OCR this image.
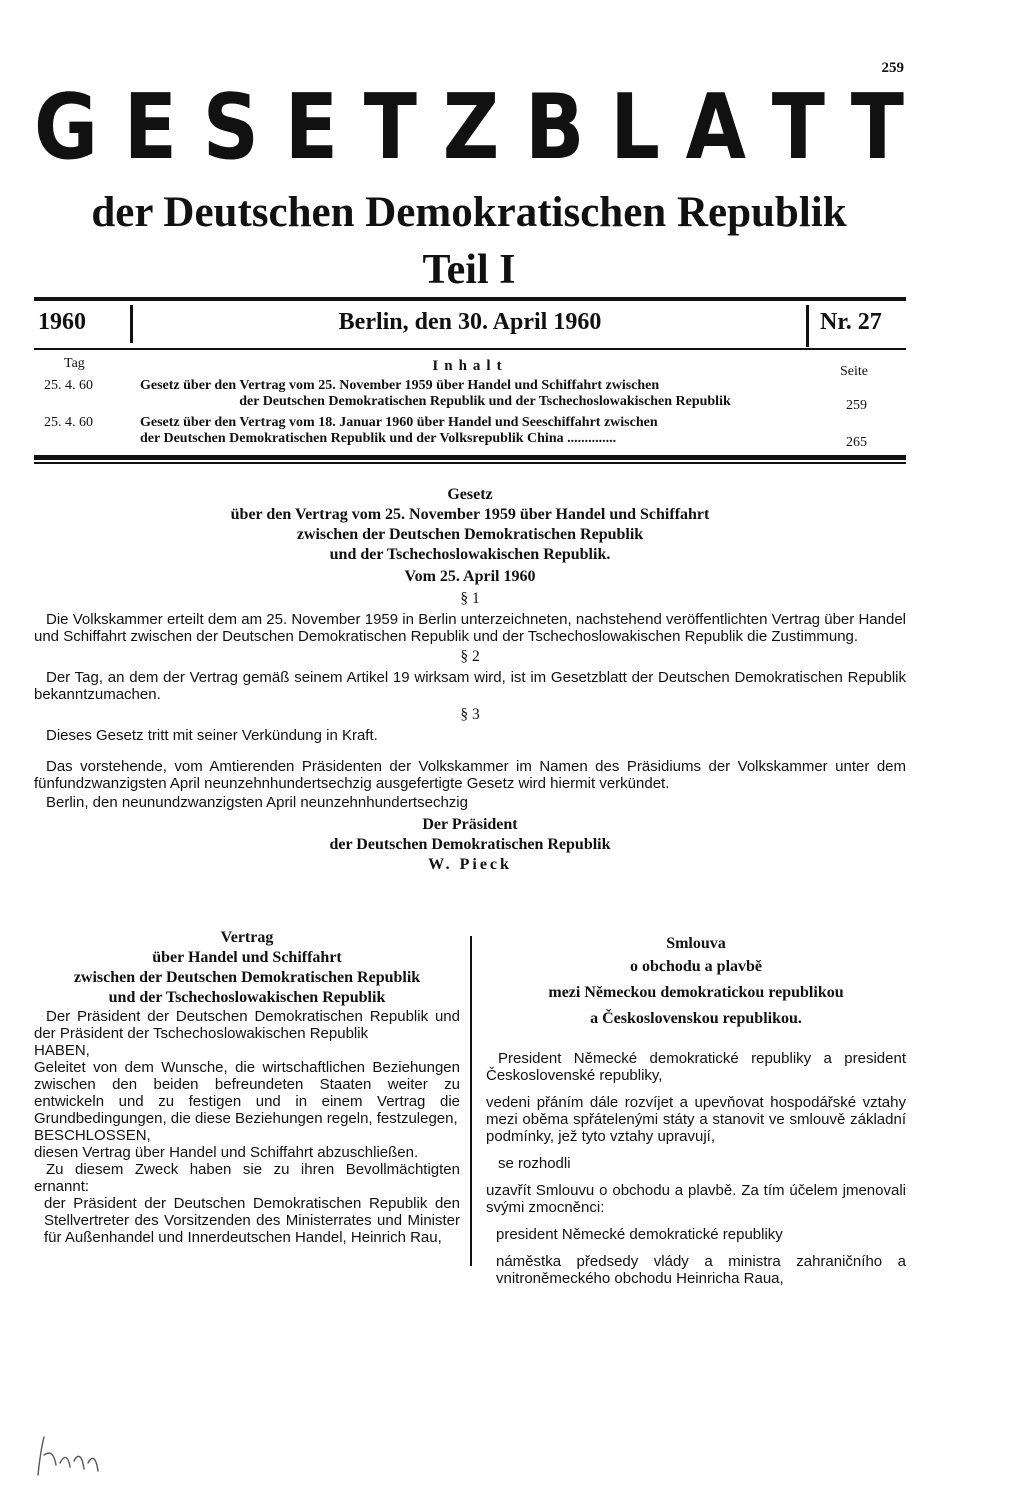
259
G E S E T Z B L A T T
der Deutschen Demokratischen Republik
Teil I
1960	Berlin, den 30. April 1960	Nr. 27
Tag	Inhalt	Seite
25. 4. 60	Gesetz über den Vertrag vom 25. November 1959 über Handel und Schiffahrt zwischen
der Deutschen Demokratischen Republik und der Tschechoslowakischen Republik	259
25. 4. 60	Gesetz über den Vertrag vom 18. Januar 1960 über Handel und Seeschiffahrt zwischen
der Deutschen Demokratischen Republik und der Volksrepublik China ..............	265
Gesetz
über den Vertrag vom 25. November 1959 über Handel und Schiffahrt
zwischen der Deutschen Demokratischen Republik
und der Tschechoslowakischen Republik.
Vom 25. April 1960
§ 1

Die Volkskammer erteilt dem am 25. November 1959 in Berlin unterzeichneten, nachstehend veröffentlichten Vertrag über Handel und Schiffahrt zwischen der Deutschen Demokratischen Republik und der Tschechoslowakischen Republik die Zustimmung.

§ 2

Der Tag, an dem der Vertrag gemäß seinem Artikel 19 wirksam wird, ist im Gesetzblatt der Deutschen Demokratischen Republik bekanntzumachen.

§ 3

Dieses Gesetz tritt mit seiner Verkündung in Kraft.

Das vorstehende, vom Amtierenden Präsidenten der Volkskammer im Namen des Präsidiums der Volkskammer unter dem fünfundzwanzigsten April neunzehnhundertsechzig ausgefertigte Gesetz wird hiermit verkündet.

Berlin, den neunundzwanzigsten April neunzehnhundertsechzig

Der Präsident
der Deutschen Demokratischen Republik
W. Pieck
Vertrag
über Handel und Schiffahrt
zwischen der Deutschen Demokratischen Republik
und der Tschechoslowakischen Republik

Der Präsident der Deutschen Demokratischen Republik und der Präsident der Tschechoslowakischen Republik

HABEN,

Geleitet von dem Wunsche, die wirtschaftlichen Beziehungen zwischen den beiden befreundeten Staaten weiter zu entwickeln und zu festigen und in einem Vertrag die Grundbedingungen, die diese Beziehungen regeln, festzulegen,

BESCHLOSSEN,

diesen Vertrag über Handel und Schiffahrt abzuschließen.

Zu diesem Zweck haben sie zu ihren Bevollmächtigten ernannt:

der Präsident der Deutschen Demokratischen Republik den Stellvertreter des Vorsitzenden des Ministerrates und Minister für Außenhandel und Innerdeutschen Handel, Heinrich Rau,

Smlouva
o obchodu a plavbě
mezi Německou demokratickou republikou
a Československou republikou.

President Německé demokratické republiky a president Československé republiky,

vedeni přáním dále rozvíjet a upevňovat hospodářské vztahy mezi oběma spřátelenými státy a stanovit ve smlouvě základní podmínky, jež tyto vztahy upravují,

se rozhodli

uzavřít Smlouvu o obchodu a plavbě. Za tím účelem jmenovali svými zmocněnci:

president Německé demokratické republiky

náměstka předsedy vlády a ministra zahraničního a vnitroněmeckého obchodu Heinricha Raua,
